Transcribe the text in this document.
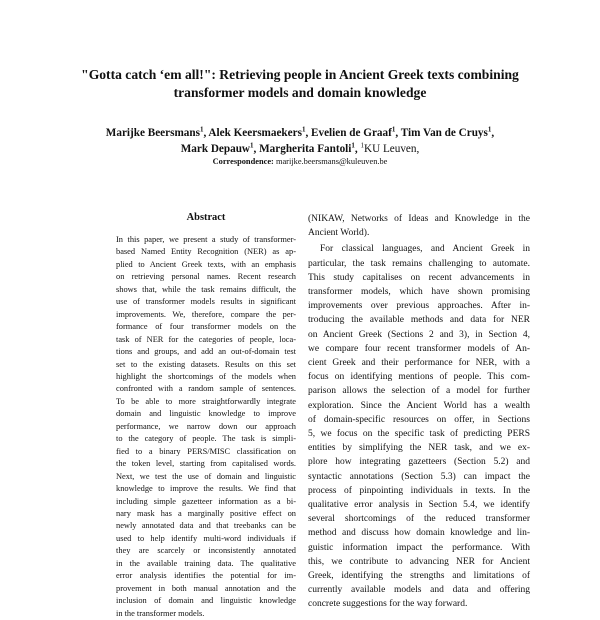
"Gotta catch ‘em all!": Retrieving people in Ancient Greek texts combining
transformer models and domain knowledge
Marijke Beersmans$^1$, Alek Keersmaekers$^1$, Evelien de Graaf$^1$, Tim Van de Cruys$^1$,
Mark Depauw$^1$, Margherita Fantoli$^1$, $^1$KU Leuven,
Correspondence: marijke.beersmans@kuleuven.be
Abstract
In this paper, we present a study of transformer-
based Named Entity Recognition (NER) as ap-
plied to Ancient Greek texts, with an emphasis
on retrieving personal names. Recent research
shows that, while the task remains difficult, the
use of transformer models results in significant
improvements. We, therefore, compare the per-
formance of four transformer models on the
task of NER for the categories of people, loca-
tions and groups, and add an out-of-domain test
set to the existing datasets. Results on this set
highlight the shortcomings of the models when
confronted with a random sample of sentences.
To be able to more straightforwardly integrate
domain and linguistic knowledge to improve
performance, we narrow down our approach
to the category of people. The task is simpli-
fied to a binary PERS/MISC classification on
the token level, starting from capitalised words.
Next, we test the use of domain and linguistic
knowledge to improve the results. We find that
including simple gazetteer information as a bi-
nary mask has a marginally positive effect on
newly annotated data and that treebanks can be
used to help identify multi-word individuals if
they are scarcely or inconsistently annotated
in the available training data. The qualitative
error analysis identifies the potential for im-
provement in both manual annotation and the
inclusion of domain and linguistic knowledge
in the transformer models.
(NIKAW, Networks of Ideas and Knowledge in the
Ancient World).
For classical languages, and Ancient Greek in
particular, the task remains challenging to automate.
This study capitalises on recent advancements in
transformer models, which have shown promising
improvements over previous approaches. After in-
troducing the available methods and data for NER
on Ancient Greek (Sections 2 and 3), in Section 4,
we compare four recent transformer models of An-
cient Greek and their performance for NER, with a
focus on identifying mentions of people. This com-
parison allows the selection of a model for further
exploration. Since the Ancient World has a wealth
of domain-specific resources on offer, in Sections
5, we focus on the specific task of predicting PERS
entities by simplifying the NER task, and we ex-
plore how integrating gazetteers (Section 5.2) and
syntactic annotations (Section 5.3) can impact the
process of pinpointing individuals in texts. In the
qualitative error analysis in Section 5.4, we identify
several shortcomings of the reduced transformer
method and discuss how domain knowledge and lin-
guistic information impact the performance. With
this, we contribute to advancing NER for Ancient
Greek, identifying the strengths and limitations of
currently available models and data and offering
concrete suggestions for the way forward.
